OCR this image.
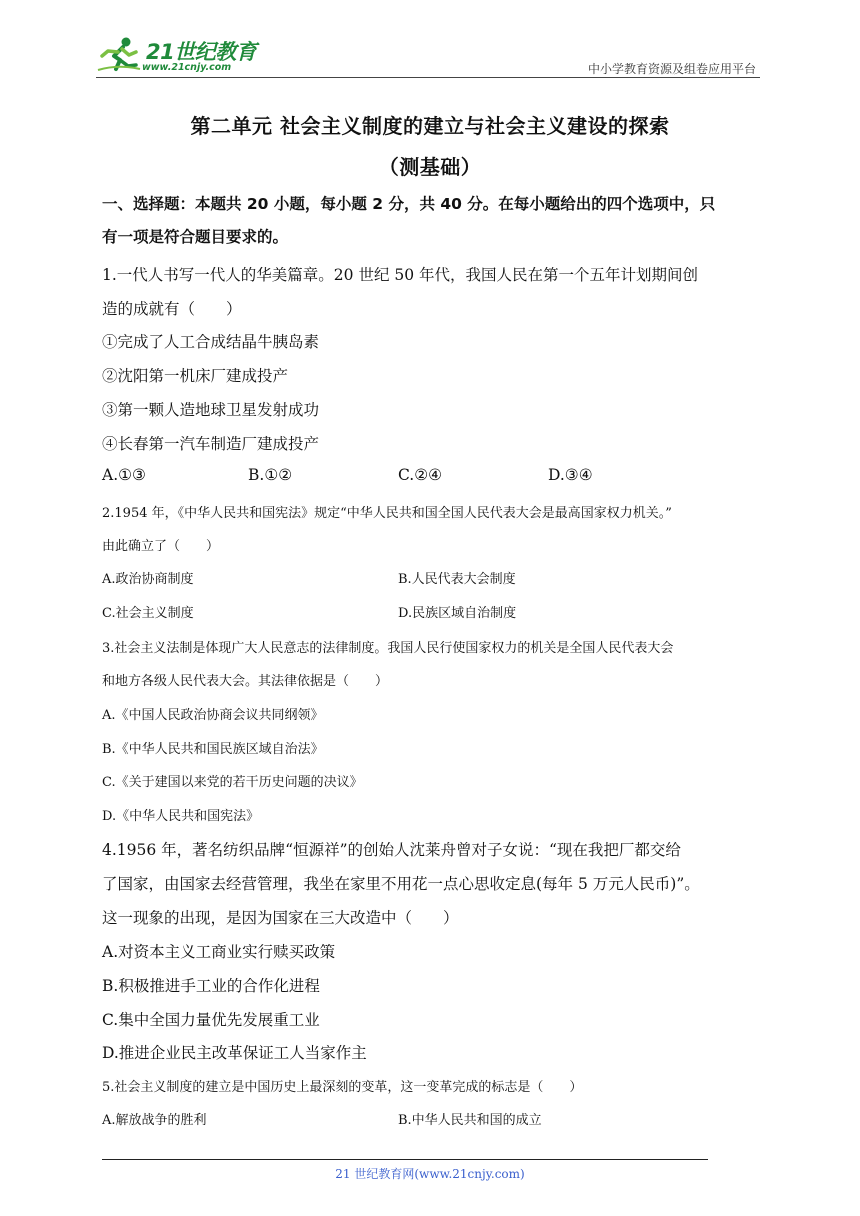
21世纪教育
www.21cnjy.com	中小学教育资源及组卷应用平台
第二单元 社会主义制度的建立与社会主义建设的探索
（测基础）
一、选择题：本题共 20 小题，每小题 2 分，共 40 分。在每小题给出的四个选项中，只
有一项是符合题目要求的。
1.一代人书写一代人的华美篇章。20 世纪 50 年代，我国人民在第一个五年计划期间创
造的成就有（　　）
①完成了人工合成结晶牛胰岛素
②沈阳第一机床厂建成投产
③第一颗人造地球卫星发射成功
④长春第一汽车制造厂建成投产
A.①③	B.①②	C.②④	D.③④
2.1954 年，《中华人民共和国宪法》规定“中华人民共和国全国人民代表大会是最高国家权力机关。”
由此确立了（　　）
A.政治协商制度	B.人民代表大会制度
C.社会主义制度	D.民族区域自治制度
3.社会主义法制是体现广大人民意志的法律制度。我国人民行使国家权力的机关是全国人民代表大会
和地方各级人民代表大会。其法律依据是（　　）
A.《中国人民政治协商会议共同纲领》
B.《中华人民共和国民族区域自治法》
C.《关于建国以来党的若干历史问题的决议》
D.《中华人民共和国宪法》
4.1956 年，著名纺织品牌“恒源祥”的创始人沈莱舟曾对子女说：“现在我把厂都交给
了国家，由国家去经营管理，我坐在家里不用花一点心思收定息(每年 5 万元人民币)”。
这一现象的出现，是因为国家在三大改造中（　　）
A.对资本主义工商业实行赎买政策
B.积极推进手工业的合作化进程
C.集中全国力量优先发展重工业
D.推进企业民主改革保证工人当家作主
5.社会主义制度的建立是中国历史上最深刻的变革，这一变革完成的标志是（　　）
A.解放战争的胜利	B.中华人民共和国的成立
21 世纪教育网(www.21cnjy.com)
